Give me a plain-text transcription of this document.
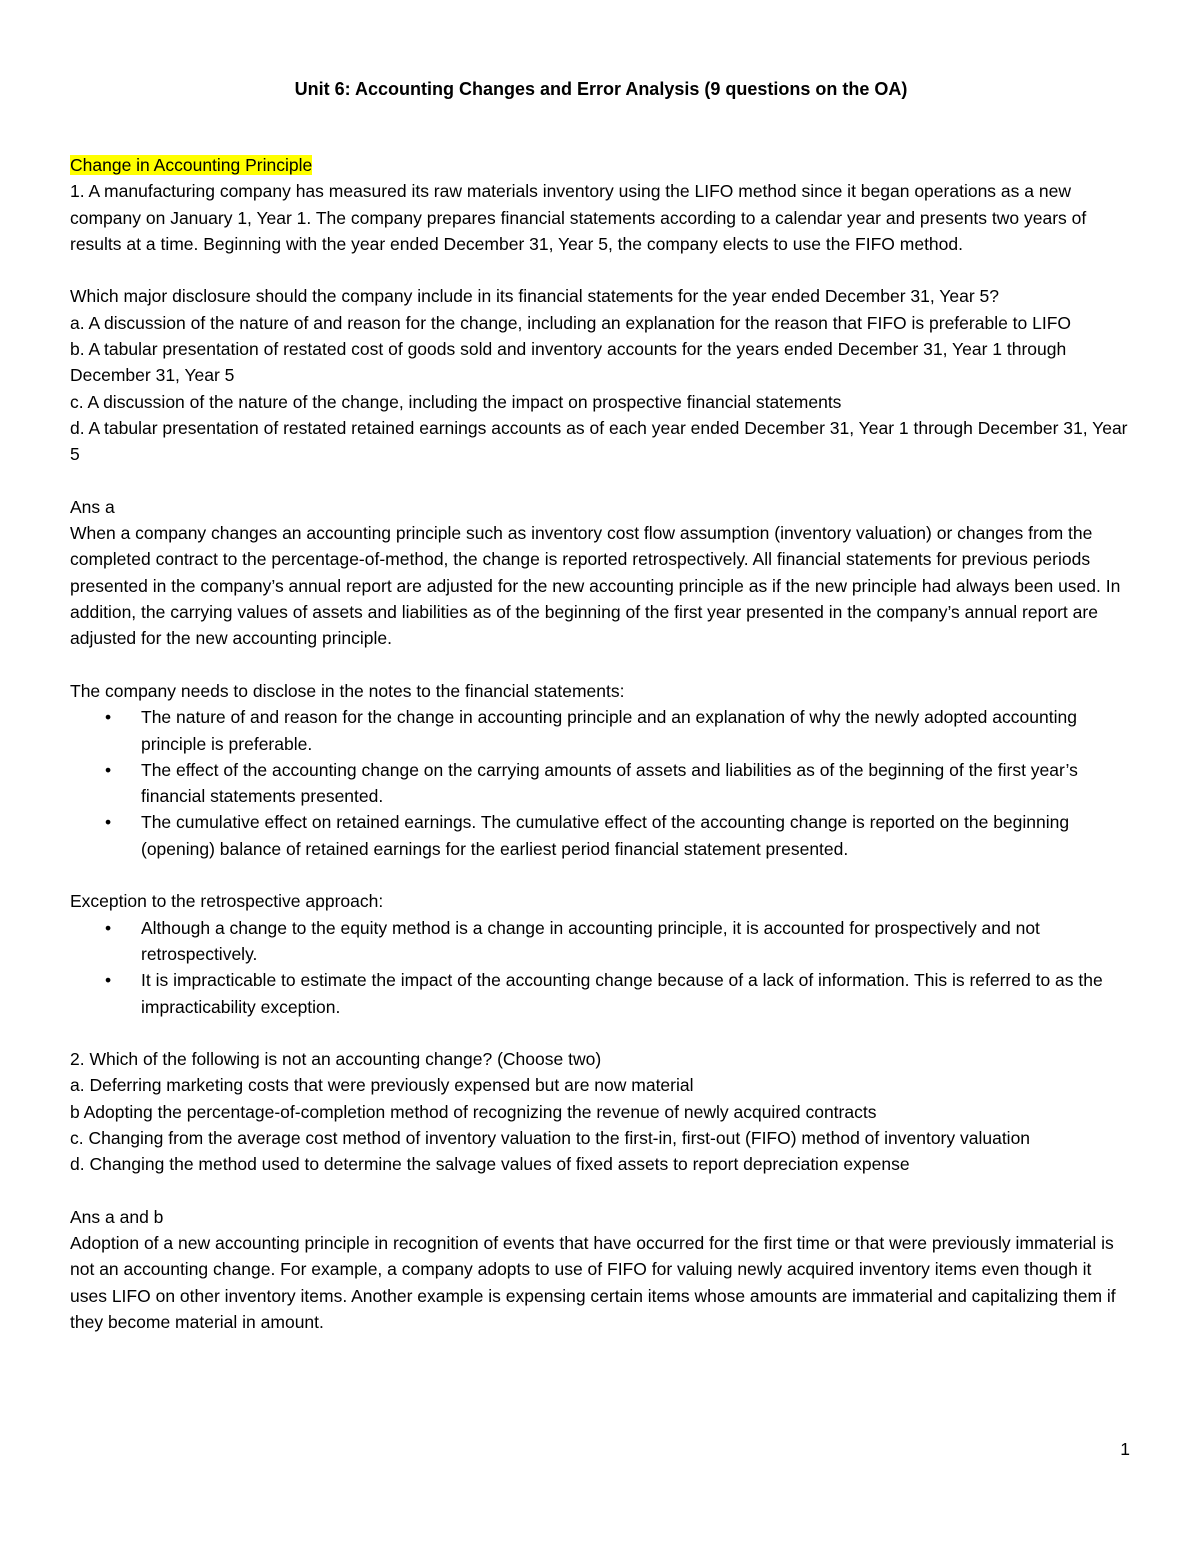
Unit 6: Accounting Changes and Error Analysis (9 questions on the OA)

Change in Accounting Principle

1. A manufacturing company has measured its raw materials inventory using the LIFO method since it began operations as a new company on January 1, Year 1. The company prepares financial statements according to a calendar year and presents two years of results at a time. Beginning with the year ended December 31, Year 5, the company elects to use the FIFO method.

Which major disclosure should the company include in its financial statements for the year ended December 31, Year 5?

a. A discussion of the nature of and reason for the change, including an explanation for the reason that FIFO is preferable to LIFO

b. A tabular presentation of restated cost of goods sold and inventory accounts for the years ended December 31, Year 1 through December 31, Year 5

c. A discussion of the nature of the change, including the impact on prospective financial statements

d. A tabular presentation of restated retained earnings accounts as of each year ended December 31, Year 1 through December 31, Year 5

Ans a

When a company changes an accounting principle such as inventory cost flow assumption (inventory valuation) or changes from the completed contract to the percentage-of-method, the change is reported retrospectively. All financial statements for previous periods presented in the company’s annual report are adjusted for the new accounting principle as if the new principle had always been used. In addition, the carrying values of assets and liabilities as of the beginning of the first year presented in the company’s annual report are adjusted for the new accounting principle.

The company needs to disclose in the notes to the financial statements:

• The nature of and reason for the change in accounting principle and an explanation of why the newly adopted accounting principle is preferable.
• The effect of the accounting change on the carrying amounts of assets and liabilities as of the beginning of the first year’s financial statements presented.
• The cumulative effect on retained earnings. The cumulative effect of the accounting change is reported on the beginning (opening) balance of retained earnings for the earliest period financial statement presented.

Exception to the retrospective approach:

• Although a change to the equity method is a change in accounting principle, it is accounted for prospectively and not retrospectively.
• It is impracticable to estimate the impact of the accounting change because of a lack of information. This is referred to as the impracticability exception.

2. Which of the following is not an accounting change? (Choose two)

a. Deferring marketing costs that were previously expensed but are now material

b Adopting the percentage-of-completion method of recognizing the revenue of newly acquired contracts

c. Changing from the average cost method of inventory valuation to the first-in, first-out (FIFO) method of inventory valuation

d. Changing the method used to determine the salvage values of fixed assets to report depreciation expense

Ans a and b

Adoption of a new accounting principle in recognition of events that have occurred for the first time or that were previously immaterial is not an accounting change. For example, a company adopts to use of FIFO for valuing newly acquired inventory items even though it uses LIFO on other inventory items. Another example is expensing certain items whose amounts are immaterial and capitalizing them if they become material in amount.

1
